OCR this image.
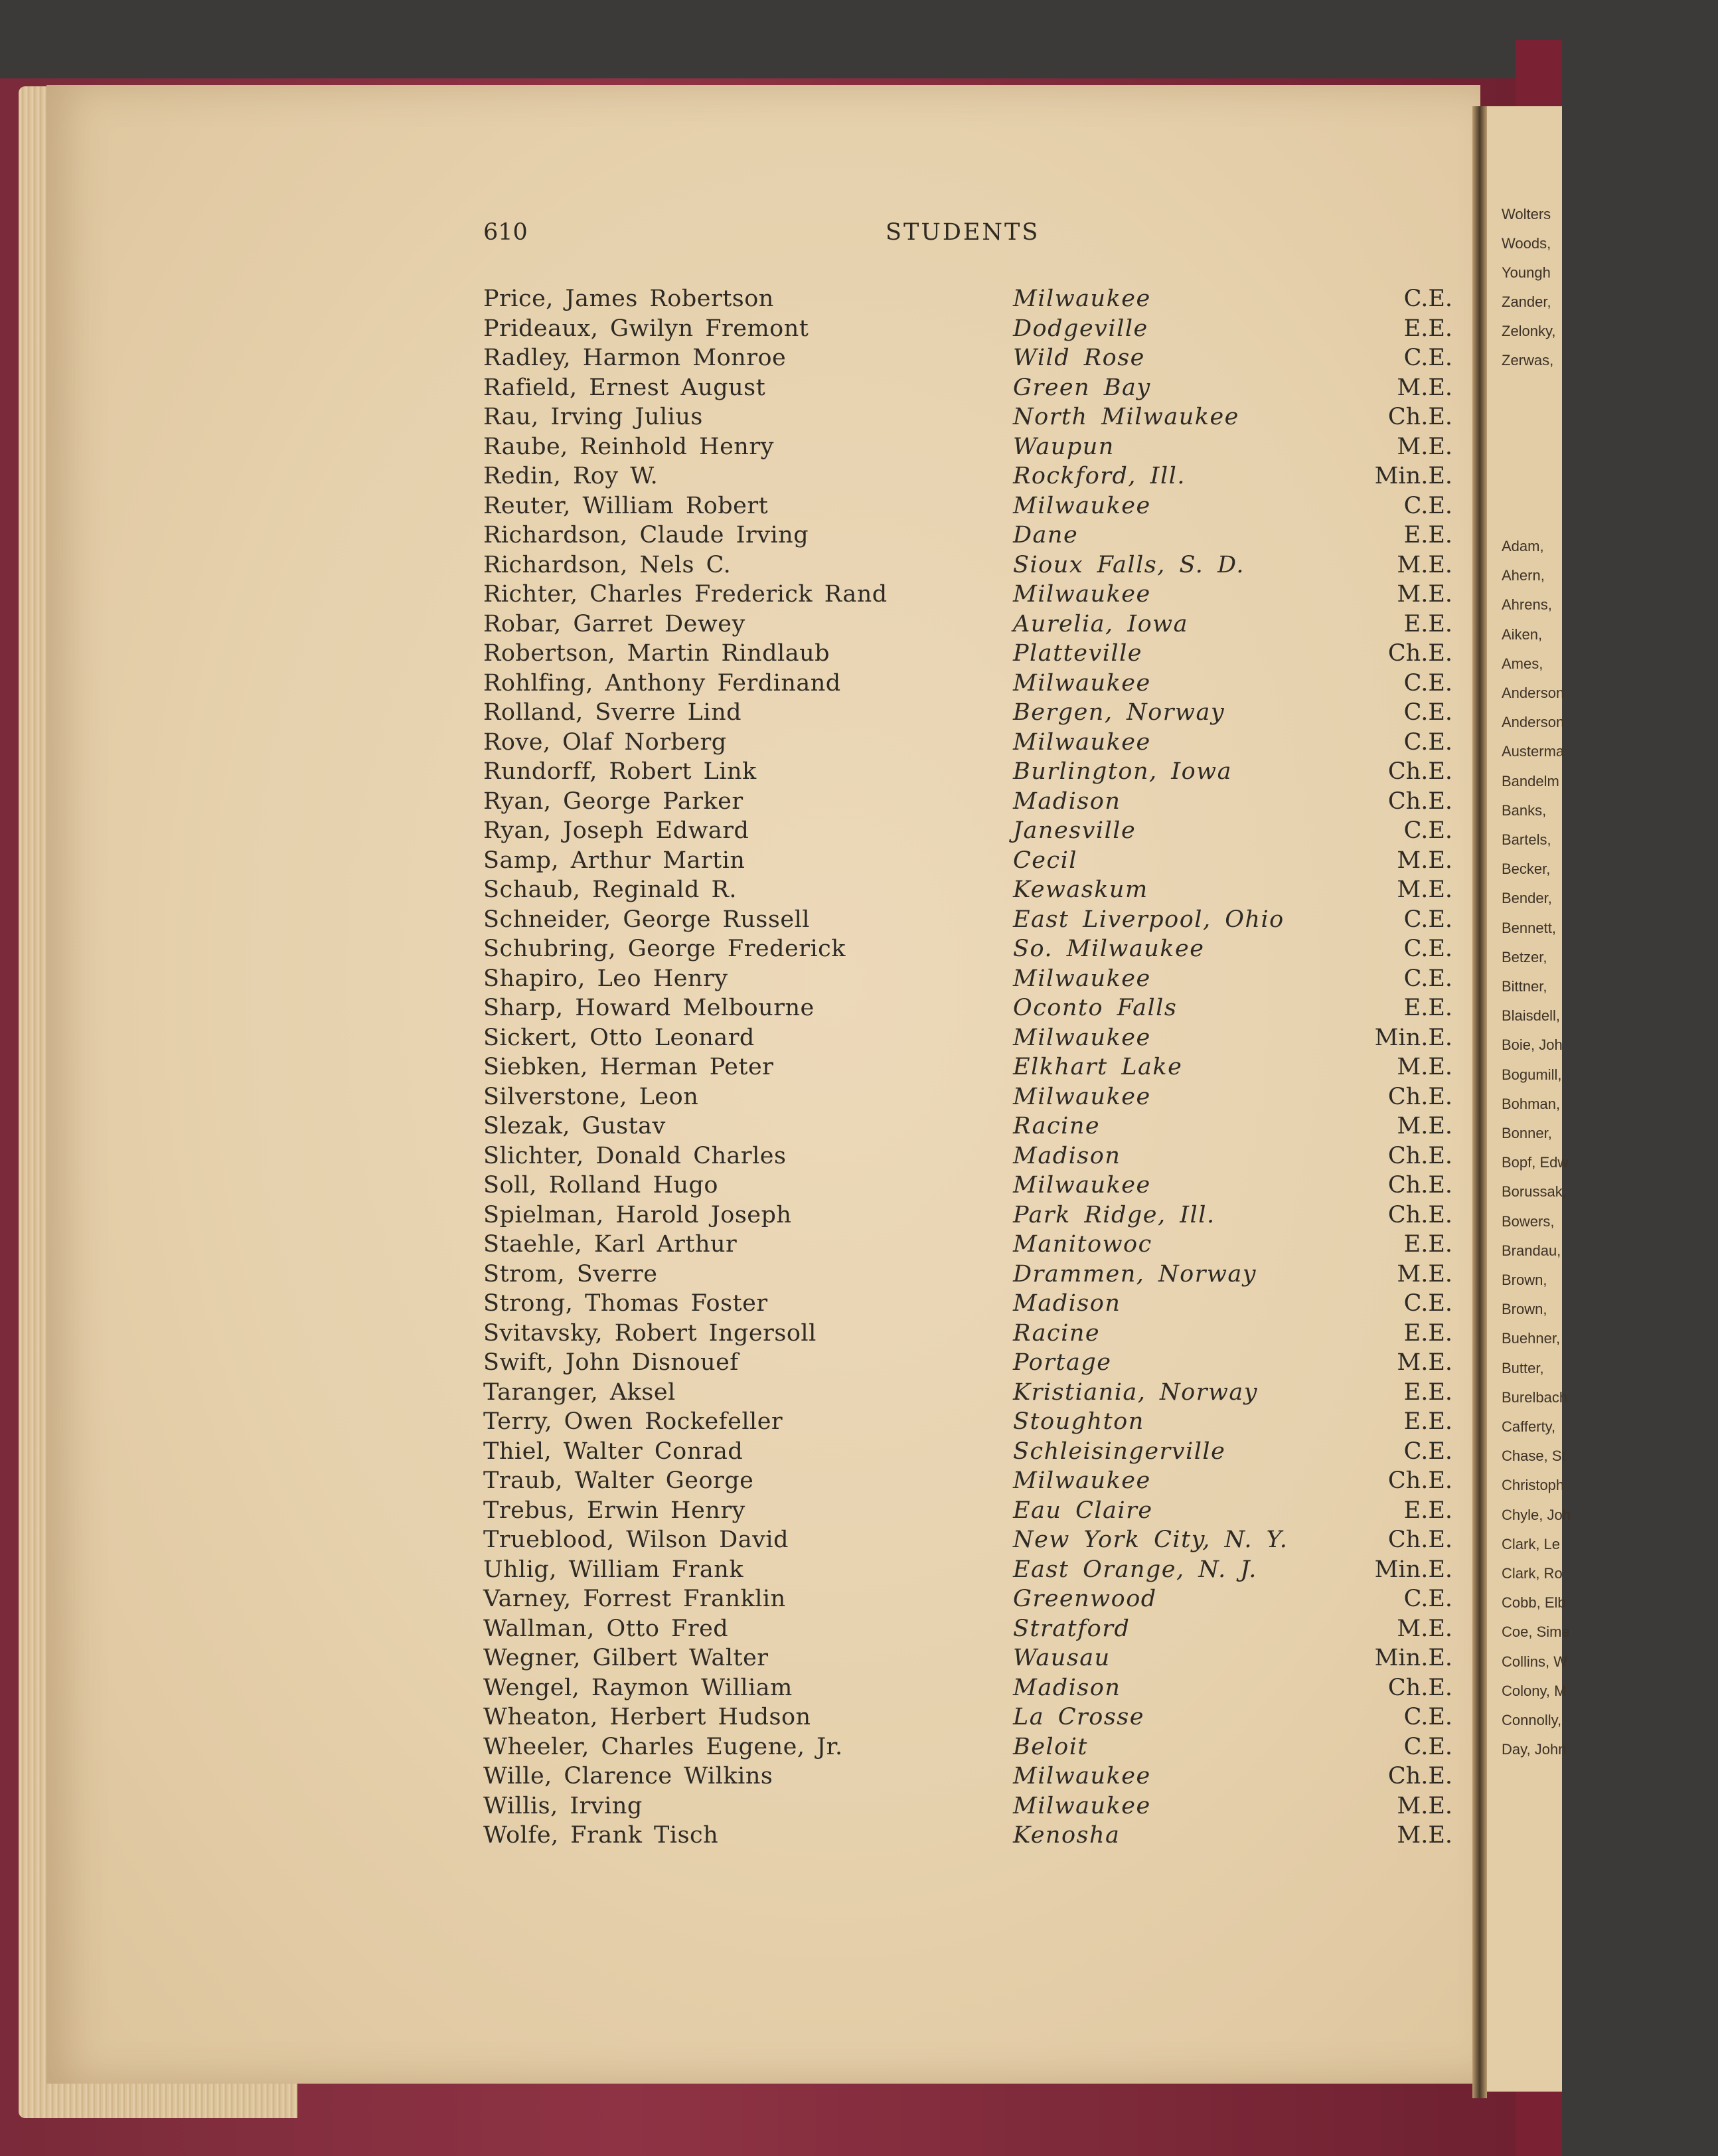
610	STUDENTS
Price, James Robertson	Milwaukee	C.E.
Prideaux, Gwilyn Fremont	Dodgeville	E.E.
Radley, Harmon Monroe	Wild Rose	C.E.
Rafield, Ernest August	Green Bay	M.E.
Rau, Irving Julius	North Milwaukee	Ch.E.
Raube, Reinhold Henry	Waupun	M.E.
Redin, Roy W.	Rockford, Ill.	Min.E.
Reuter, William Robert	Milwaukee	C.E.
Richardson, Claude Irving	Dane	E.E.
Richardson, Nels C.	Sioux Falls, S. D.	M.E.
Richter, Charles Frederick Rand	Milwaukee	M.E.
Robar, Garret Dewey	Aurelia, Iowa	E.E.
Robertson, Martin Rindlaub	Platteville	Ch.E.
Rohlfing, Anthony Ferdinand	Milwaukee	C.E.
Rolland, Sverre Lind	Bergen, Norway	C.E.
Rove, Olaf Norberg	Milwaukee	C.E.
Rundorff, Robert Link	Burlington, Iowa	Ch.E.
Ryan, George Parker	Madison	Ch.E.
Ryan, Joseph Edward	Janesville	C.E.
Samp, Arthur Martin	Cecil	M.E.
Schaub, Reginald R.	Kewaskum	M.E.
Schneider, George Russell	East Liverpool, Ohio	C.E.
Schubring, George Frederick	So. Milwaukee	C.E.
Shapiro, Leo Henry	Milwaukee	C.E.
Sharp, Howard Melbourne	Oconto Falls	E.E.
Sickert, Otto Leonard	Milwaukee	Min.E.
Siebken, Herman Peter	Elkhart Lake	M.E.
Silverstone, Leon	Milwaukee	Ch.E.
Slezak, Gustav	Racine	M.E.
Slichter, Donald Charles	Madison	Ch.E.
Soll, Rolland Hugo	Milwaukee	Ch.E.
Spielman, Harold Joseph	Park Ridge, Ill.	Ch.E.
Staehle, Karl Arthur	Manitowoc	E.E.
Strom, Sverre	Drammen, Norway	M.E.
Strong, Thomas Foster	Madison	C.E.
Svitavsky, Robert Ingersoll	Racine	E.E.
Swift, John Disnouef	Portage	M.E.
Taranger, Aksel	Kristiania, Norway	E.E.
Terry, Owen Rockefeller	Stoughton	E.E.
Thiel, Walter Conrad	Schleisingerville	C.E.
Traub, Walter George	Milwaukee	Ch.E.
Trebus, Erwin Henry	Eau Claire	E.E.
Trueblood, Wilson David	New York City, N. Y.	Ch.E.
Uhlig, William Frank	East Orange, N. J.	Min.E.
Varney, Forrest Franklin	Greenwood	C.E.
Wallman, Otto Fred	Stratford	M.E.
Wegner, Gilbert Walter	Wausau	Min.E.
Wengel, Raymon William	Madison	Ch.E.
Wheaton, Herbert Hudson	La Crosse	C.E.
Wheeler, Charles Eugene, Jr.	Beloit	C.E.
Wille, Clarence Wilkins	Milwaukee	Ch.E.
Willis, Irving	Milwaukee	M.E.
Wolfe, Frank Tisch	Kenosha	M.E.
Wolters
Woods,
Youngh
Zander,
Zelonky,
Zerwas,
Adam,
Ahern,
Ahrens,
Aiken,
Ames,
Anderson
Anderson
Austerma
Bandelm
Banks,
Bartels,
Becker,
Bender,
Bennett,
Betzer,
Bittner,
Blaisdell,
Boie, Joh
Bogumill,
Bohman,
Bonner,
Bopf, Edw
Borussak,
Bowers,
Brandau,
Brown,
Brown,
Buehner,
Butter,
Burelbach
Cafferty,
Chase, St
Christoph
Chyle, Joh
Clark, Le
Clark, Ro
Cobb, Elb
Coe, Sime
Collins, W
Colony, M
Connolly,
Day, John
